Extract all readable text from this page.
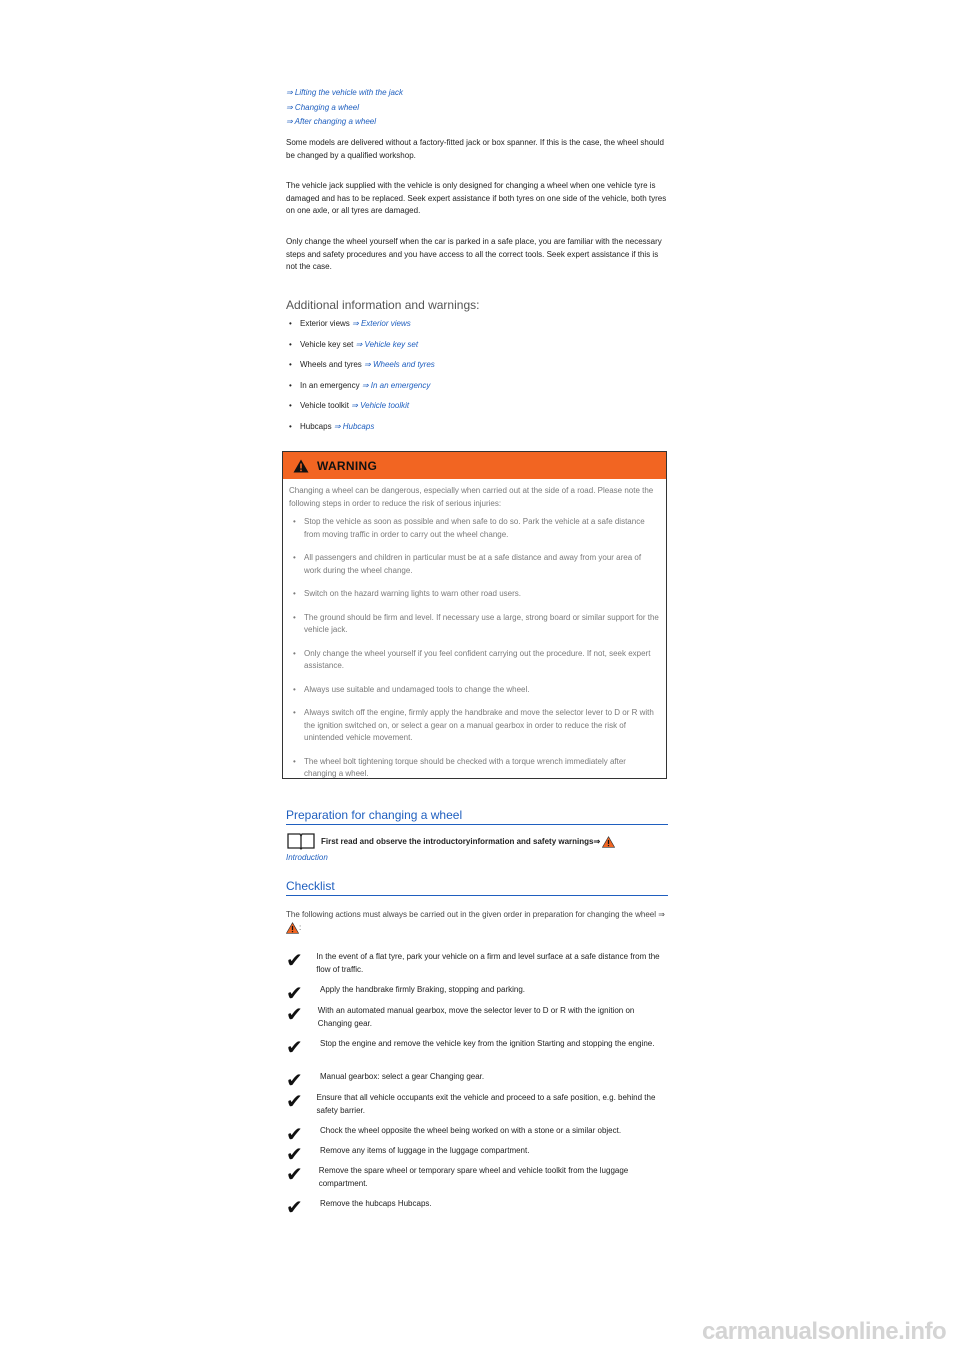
⇒ Lifting the vehicle with the jack
⇒ Changing a wheel
⇒ After changing a wheel

Some models are delivered without a factory-fitted jack or box spanner. If this is the case, the wheel should be changed by a qualified workshop.

The vehicle jack supplied with the vehicle is only designed for changing a wheel when one vehicle tyre is damaged and has to be replaced. Seek expert assistance if both tyres on one side of the vehicle, both tyres on one axle, or all tyres are damaged.

Only change the wheel yourself when the car is parked in a safe place, you are familiar with the necessary steps and safety procedures and you have access to all the correct tools. Seek expert assistance if this is not the case.

Additional information and warnings:
• Exterior views ⇒ Exterior views
• Vehicle key set ⇒ Vehicle key set
• Wheels and tyres ⇒ Wheels and tyres
• In an emergency ⇒ In an emergency
• Vehicle toolkit ⇒ Vehicle toolkit
• Hubcaps ⇒ Hubcaps
WARNING
Changing a wheel can be dangerous, especially when carried out at the side of a road. Please note the following steps in order to reduce the risk of serious injuries:
• Stop the vehicle as soon as possible and when safe to do so. Park the vehicle at a safe distance from moving traffic in order to carry out the wheel change.
• All passengers and children in particular must be at a safe distance and away from your area of work during the wheel change.
• Switch on the hazard warning lights to warn other road users.
• The ground should be firm and level. If necessary use a large, strong board or similar support for the vehicle jack.
• Only change the wheel yourself if you feel confident carrying out the procedure. If not, seek expert assistance.
• Always use suitable and undamaged tools to change the wheel.
• Always switch off the engine, firmly apply the handbrake and move the selector lever to D or R with the ignition switched on, or select a gear on a manual gearbox in order to reduce the risk of unintended vehicle movement.
• The wheel bolt tightening torque should be checked with a torque wrench immediately after changing a wheel.
Preparation for changing a wheel
First read and observe the introductoryinformation and safety warnings⇒
Introduction
Checklist
The following actions must always be carried out in the given order in preparation for changing the wheel ⇒ :
✔	In the event of a flat tyre, park your vehicle on a firm and level surface at a safe distance from the flow of traffic.
✔	Apply the handbrake firmly Braking, stopping and parking.
✔	With an automated manual gearbox, move the selector lever to D or R with the ignition on Changing gear.
✔	Stop the engine and remove the vehicle key from the ignition Starting and stopping the engine.
✔	Manual gearbox: select a gear Changing gear.
✔	Ensure that all vehicle occupants exit the vehicle and proceed to a safe position, e.g. behind the safety barrier.
✔	Chock the wheel opposite the wheel being worked on with a stone or a similar object.
✔	Remove any items of luggage in the luggage compartment.
✔	Remove the spare wheel or temporary spare wheel and vehicle toolkit from the luggage compartment.
✔	Remove the hubcaps Hubcaps.
carmanualsonline.info
